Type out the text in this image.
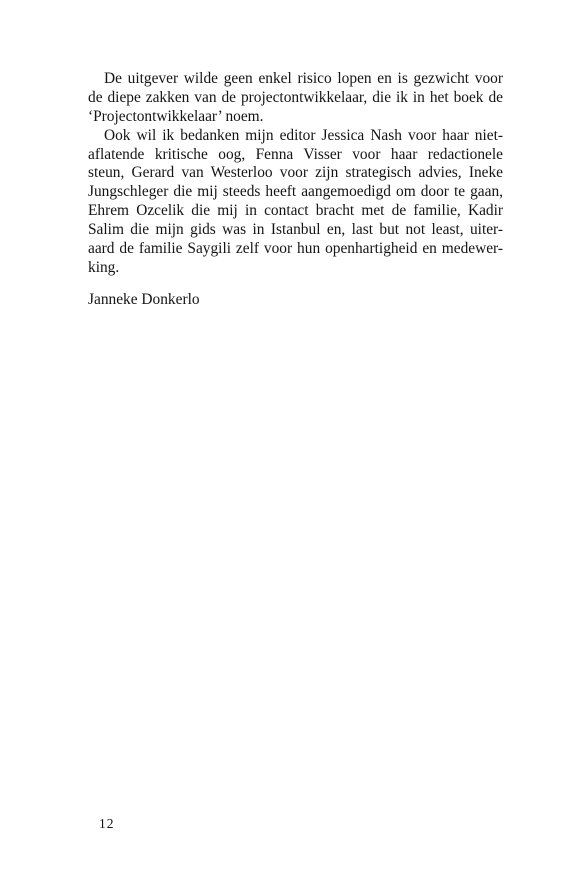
De uitgever wilde geen enkel risico lopen en is gezwicht voor
de diepe zakken van de projectontwikkelaar, die ik in het boek de
‘Projectontwikkelaar’ noem.
Ook wil ik bedanken mijn editor Jessica Nash voor haar niet-
aflatende kritische oog, Fenna Visser voor haar redactionele
steun, Gerard van Westerloo voor zijn strategisch advies, Ineke
Jungschleger die mij steeds heeft aangemoedigd om door te gaan,
Ehrem Ozcelik die mij in contact bracht met de familie, Kadir
Salim die mijn gids was in Istanbul en, last but not least, uiter-
aard de familie Saygili zelf voor hun openhartigheid en medewer-
king.
Janneke Donkerlo
12
